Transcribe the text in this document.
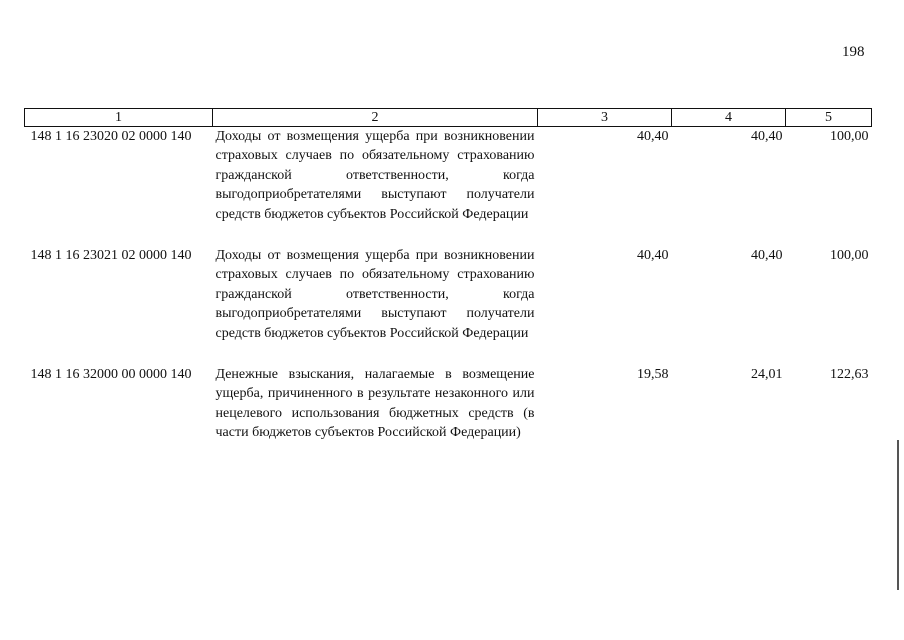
198
1	2	3	4	5
148 1 16 23020 02 0000 140	Доходы от возмещения ущерба при возникновении страховых случаев по обязательному страхованию гражданской ответственности, когда выгодоприобретателями выступают получатели средств бюджетов субъектов Российской Федерации	40,40	40,40	100,00

148 1 16 23021 02 0000 140	Доходы от возмещения ущерба при возникновении страховых случаев по обязательному страхованию гражданской ответственности, когда выгодоприобретателями выступают получатели средств бюджетов субъектов Российской Федерации	40,40	40,40	100,00

148 1 16 32000 00 0000 140	Денежные взыскания, налагаемые в возмещение ущерба, причиненного в результате незаконного или нецелевого использования бюджетных средств (в части бюджетов субъектов Российской Федерации)	19,58	24,01	122,63
